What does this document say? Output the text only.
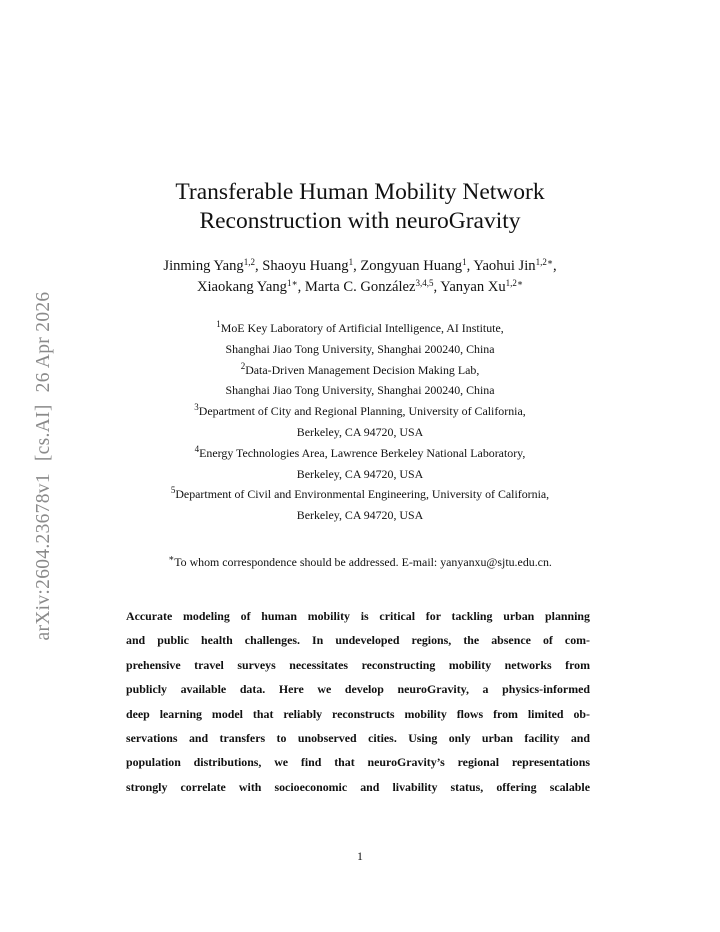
arXiv:2604.23678v1[cs.AI]26 Apr 2026
Transferable Human Mobility Network
Reconstruction with neuroGravity
Jinming Yang$^{1,2}$, Shaoyu Huang$^1$, Zongyuan Huang$^1$, Yaohui Jin$^{1,2∗}$,
Xiaokang Yang$^{1∗}$, Marta C. González$^{3,4,5}$, Yanyan $Xu^{1,2∗}$
$^1$MoE Key Laboratory of Artificial Intelligence, AI Institute,
Shanghai Jiao Tong University, Shanghai 200240, China
$^2$Data-Driven Management Decision Making Lab,
Shanghai Jiao Tong University, Shanghai 200240, China
$^3$Department of City and Regional Planning, University of California,
Berkeley, CA 94720, USA
$^4$Energy Technologies Area, Lawrence Berkeley National Laboratory,
Berkeley, CA 94720, USA
$^5$Department of Civil and Environmental Engineering, University of California,
Berkeley, CA 94720, USA
∗To whom correspondence should be addressed. E-mail: yanyanxu@sjtu.edu.cn.
Accurate modeling of human mobility is critical for tackling urban planning
and public health challenges. In undeveloped regions, the absence of com-
prehensive travel surveys necessitates reconstructing mobility networks from
publicly available data. Here we develop neuroGravity, a physics-informed
deep learning model that reliably reconstructs mobility flows from limited ob-
servations and transfers to unobserved cities. Using only urban facility and
population distributions, we find that neuroGravity’s regional representations
strongly correlate with socioeconomic and livability status, offering scalable
1
